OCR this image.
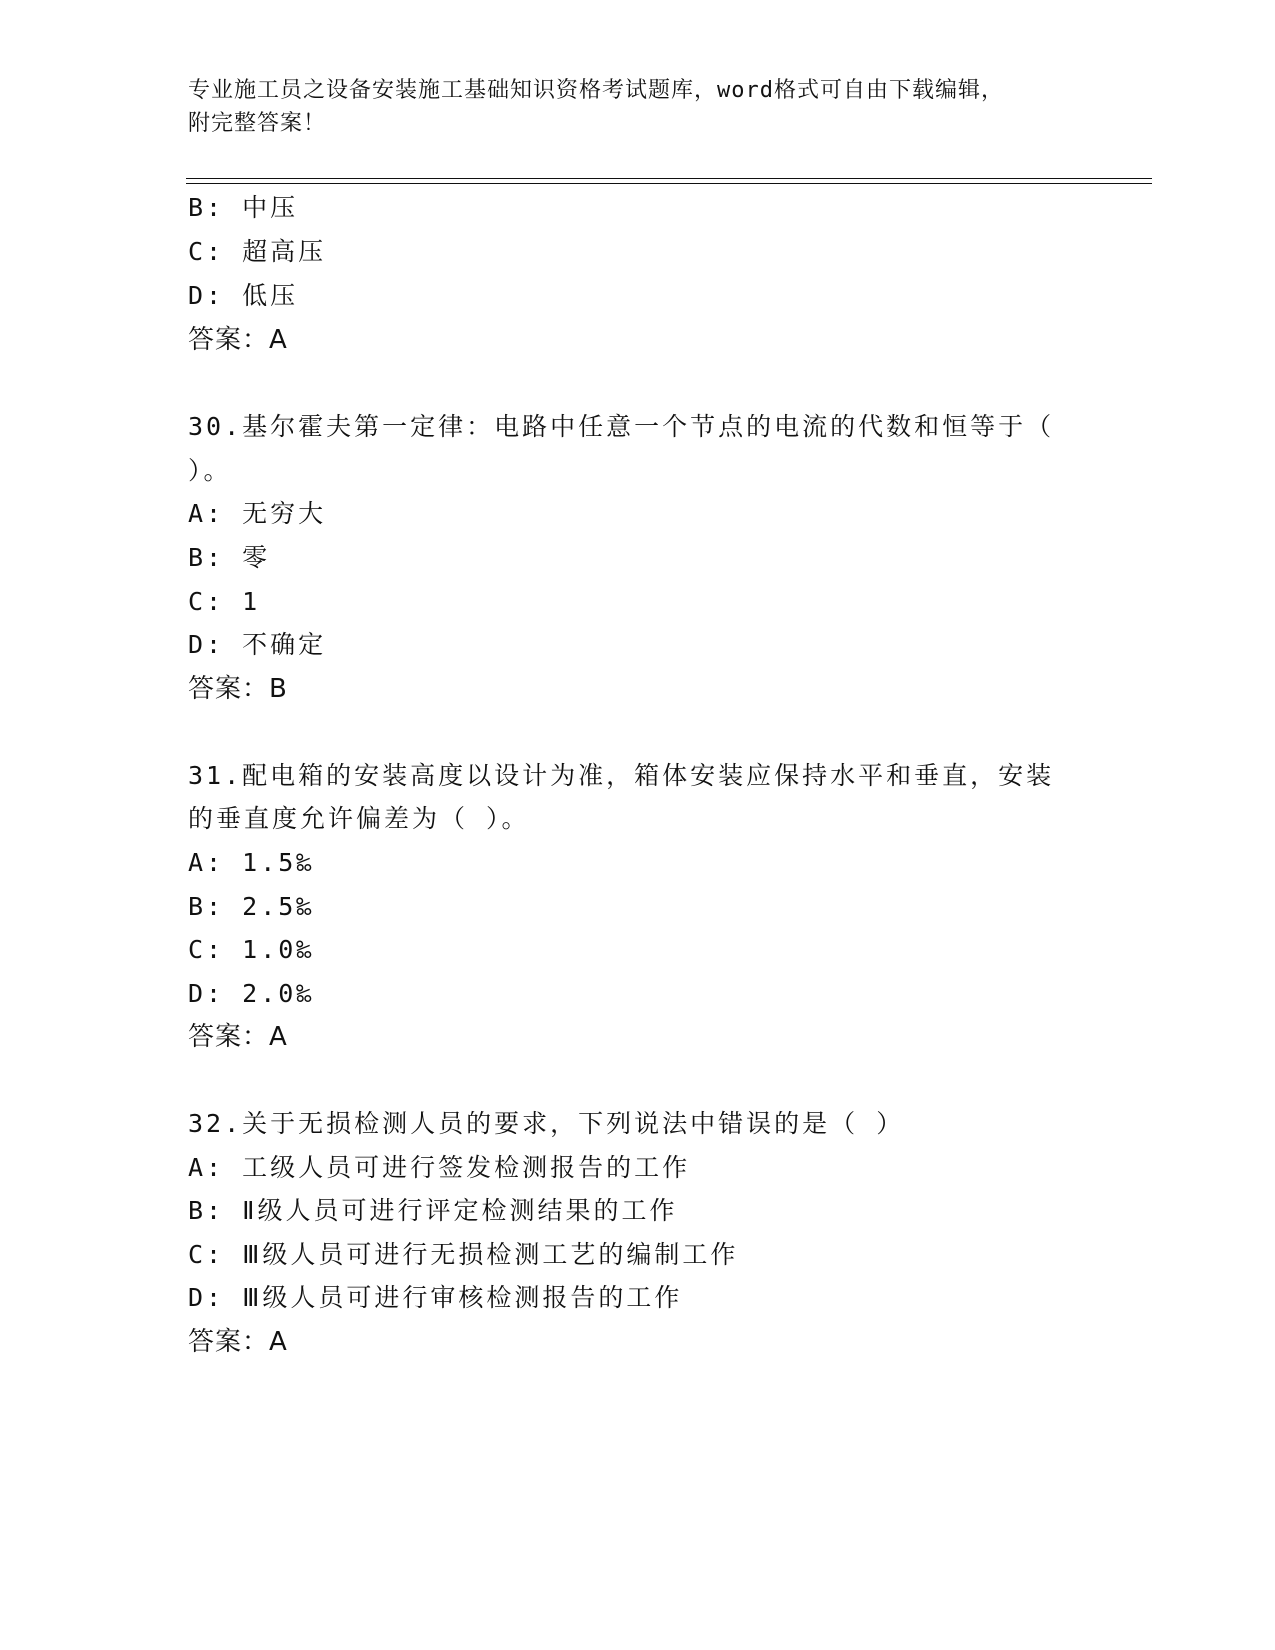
专业施工员之设备安装施工基础知识资格考试题库，word格式可自由下载编辑，
附完整答案！
B: 中压
C: 超高压
D: 低压
答案：A
30.基尔霍夫第一定律：电路中任意一个节点的电流的代数和恒等于（
）。
A: 无穷大
B: 零
C: 1
D: 不确定
答案：B
31.配电箱的安装高度以设计为准，箱体安装应保持水平和垂直，安装
的垂直度允许偏差为（ ）。
A: 1.5‰
B: 2.5‰
C: 1.0‰
D: 2.0‰
答案：A
32.关于无损检测人员的要求，下列说法中错误的是（ ）
A: 工级人员可进行签发检测报告的工作
B: Ⅱ级人员可进行评定检测结果的工作
C: Ⅲ级人员可进行无损检测工艺的编制工作
D: Ⅲ级人员可进行审核检测报告的工作
答案：A
